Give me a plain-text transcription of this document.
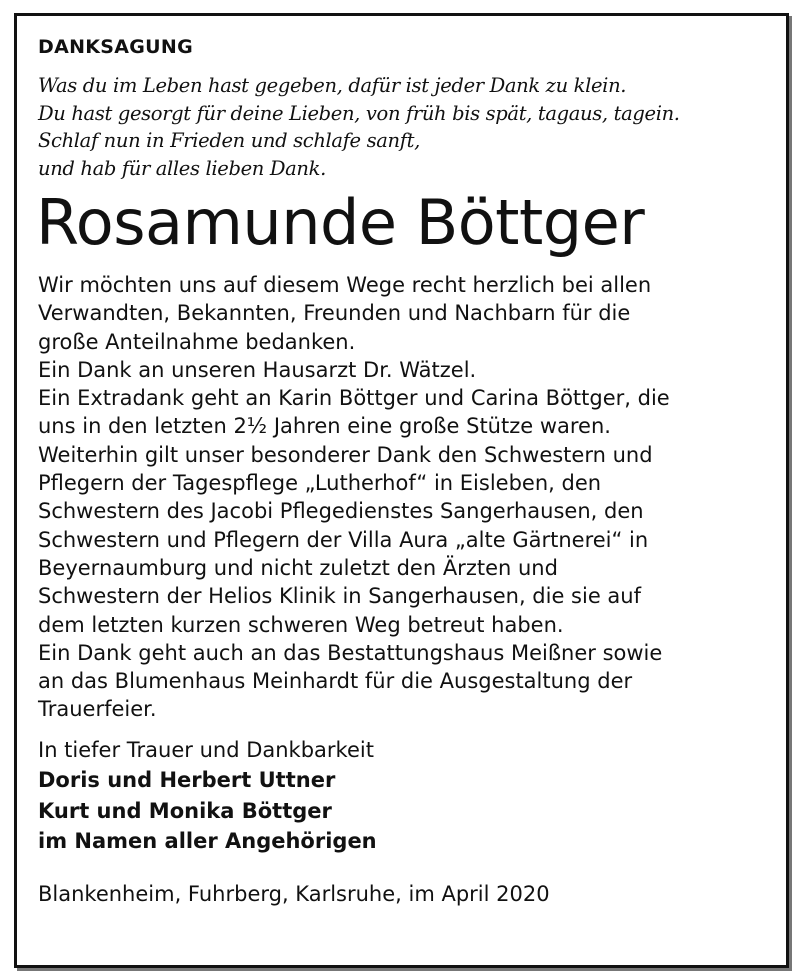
DANKSAGUNG
Was du im Leben hast gegeben, dafür ist jeder Dank zu klein.
Du hast gesorgt für deine Lieben, von früh bis spät, tagaus, tagein.
Schlaf nun in Frieden und schlafe sanft,
und hab für alles lieben Dank.
Rosamunde Böttger
Wir möchten uns auf diesem Wege recht herzlich bei allen
Verwandten, Bekannten, Freunden und Nachbarn für die
große Anteilnahme bedanken.
Ein Dank an unseren Hausarzt Dr. Wätzel.
Ein Extradank geht an Karin Böttger und Carina Böttger, die
uns in den letzten 2½ Jahren eine große Stütze waren.
Weiterhin gilt unser besonderer Dank den Schwestern und
Pflegern der Tagespflege „Lutherhof“ in Eisleben, den
Schwestern des Jacobi Pflegedienstes Sangerhausen, den
Schwestern und Pflegern der Villa Aura „alte Gärtnerei“ in
Beyernaumburg und nicht zuletzt den Ärzten und
Schwestern der Helios Klinik in Sangerhausen, die sie auf
dem letzten kurzen schweren Weg betreut haben.
Ein Dank geht auch an das Bestattungshaus Meißner sowie
an das Blumenhaus Meinhardt für die Ausgestaltung der
Trauerfeier.
In tiefer Trauer und Dankbarkeit
Doris und Herbert Uttner
Kurt und Monika Böttger
im Namen aller Angehörigen
Blankenheim, Fuhrberg, Karlsruhe, im April 2020
